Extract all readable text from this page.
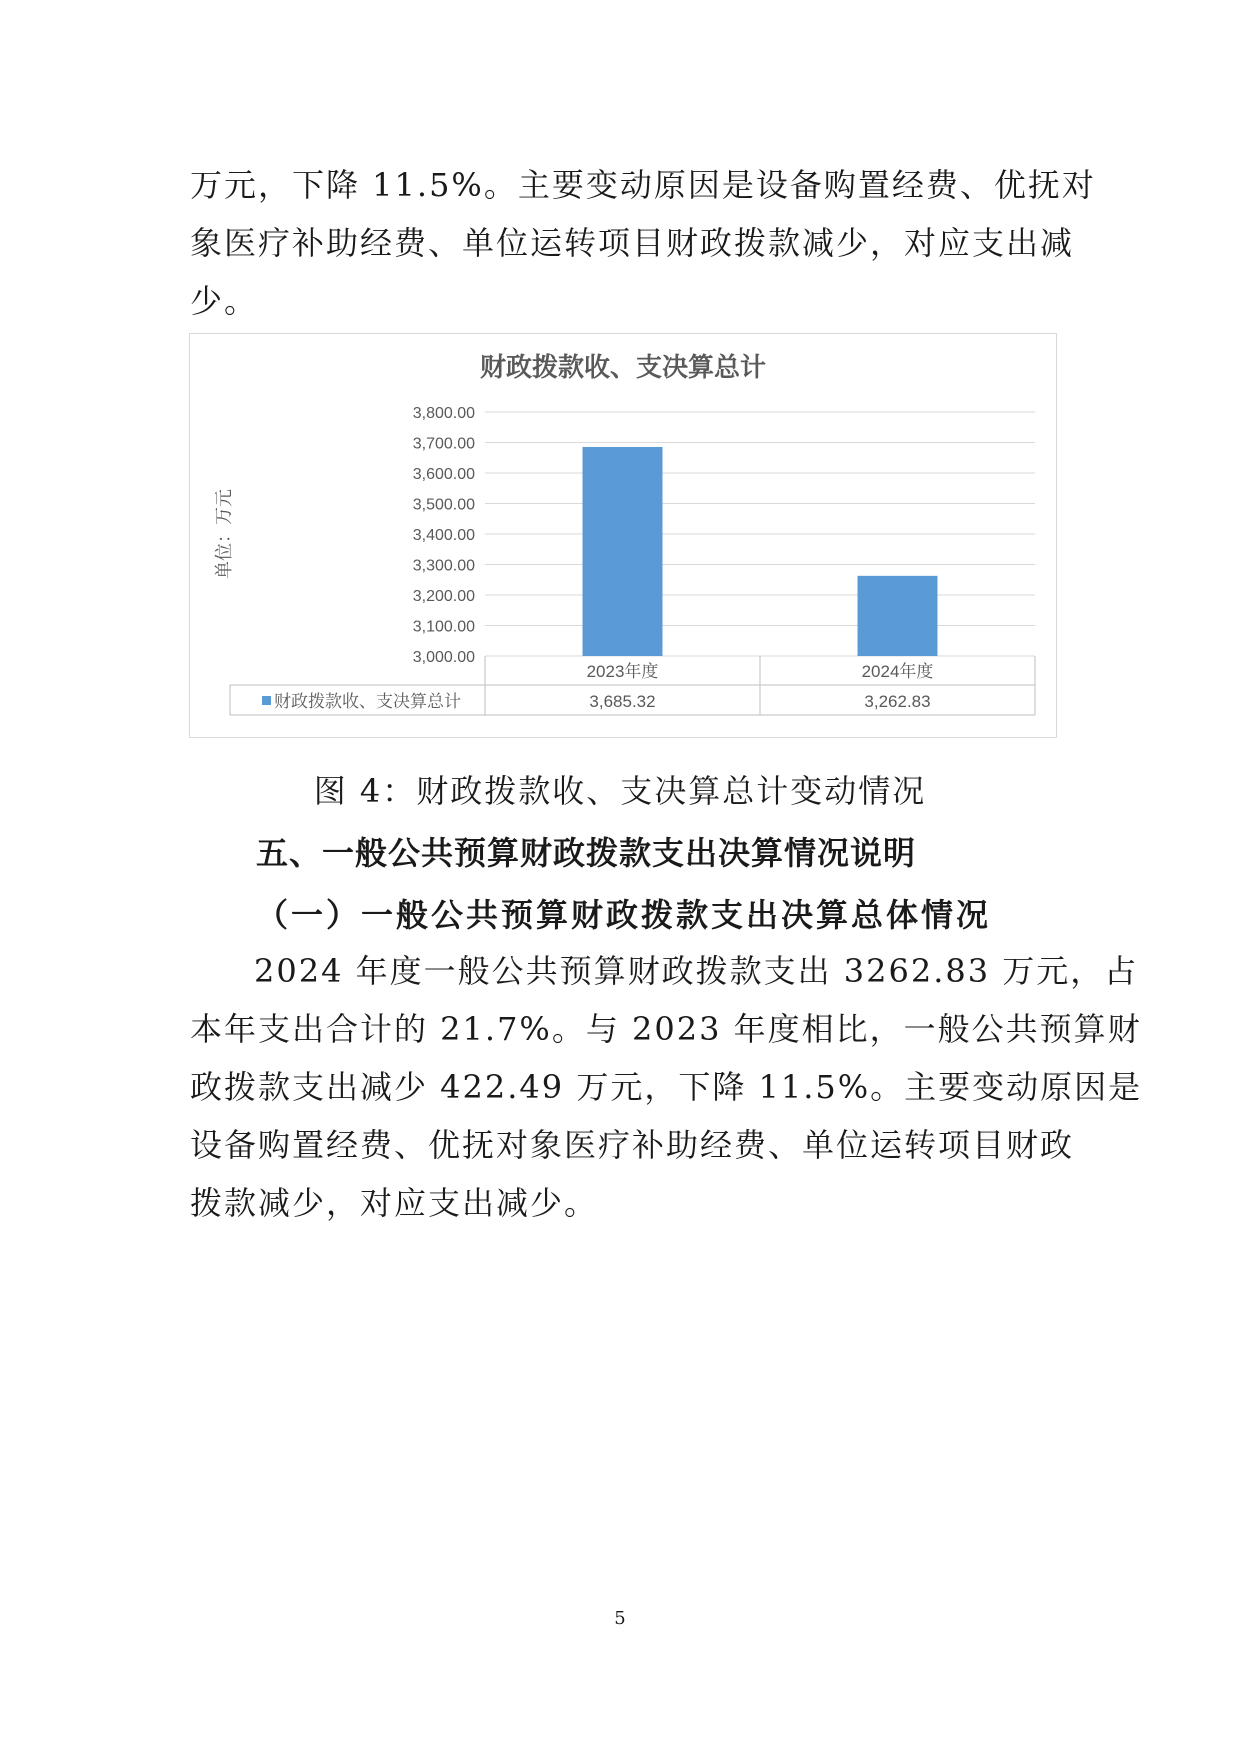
万元，下降 11.5%。主要变动原因是设备购置经费、优抚对
象医疗补助经费、单位运转项目财政拨款减少，对应支出减
少。
财政拨款收、支决算总计
单位：万元
3,000.00
3,100.00
3,200.00
3,300.00
3,400.00
3,500.00
3,600.00
3,700.00
3,800.00
2023年度
3,685.32
2024年度
3,262.83
财政拨款收、支决算总计

图 4：财政拨款收、支决算总计变动情况

五、一般公共预算财政拨款支出决算情况说明

（一）一般公共预算财政拨款支出决算总体情况

2024 年度一般公共预算财政拨款支出 3262.83 万元，占
本年支出合计的 21.7%。与 2023 年度相比，一般公共预算财
政拨款支出减少 422.49 万元，下降 11.5%。主要变动原因是
设备购置经费、优抚对象医疗补助经费、单位运转项目财政
拨款减少，对应支出减少。
5
